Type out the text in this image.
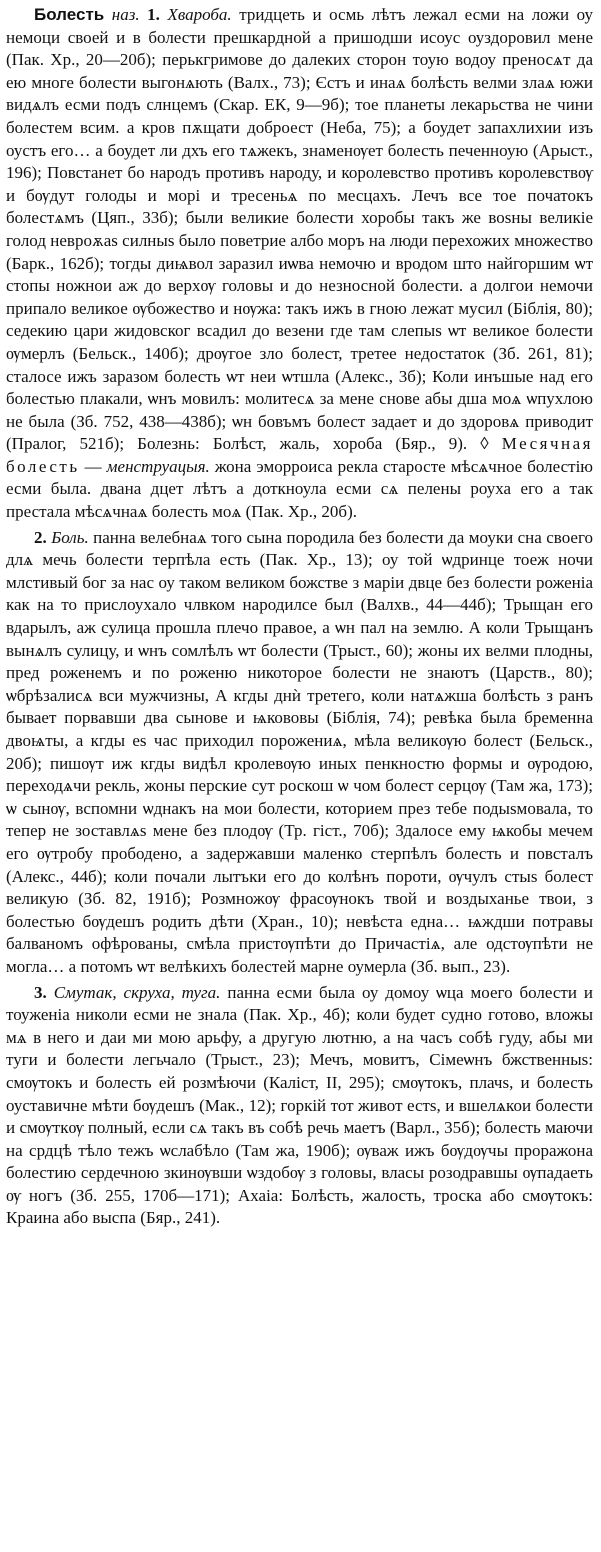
Болесть наз. 1. Хвароба. тридцеть и осмь лѣтъ лежал есми на ложи оу немоци своей и в болести прешкардной а пришодши исоус оуздоровил мене (Пак. Хр., 20—20б); перькгримове до далеких сторон тоую водоу преносѧт да ею многе болести выгонѧють (Валх., 73); Єстъ и инаѧ болѣсть велми злаѧ южи видѧлъ есми подъ слнцемъ (Скар. ЕК, 9—9б); тое планеты лекарьства не чини болестем всим. а кров пѫщати доброест (Неба, 75); а боудет запахлихии изъ оустъ его… а боудет ли дхъ его тѧжекъ, знаменѹет болесть печенноую (Арыст., 196); Повстанет бо народъ противъ народу, и королевство противъ королевствѹ и бѹдут голоды и морі и тресеньѧ по месцахъ. Лечъ все тое початокъ болестѧмъ (Цяп., 33б); были великие болести хоробы такъ же воѕны великіе голод невроѫаѕ силныѕ было поветрие албо моръ на люди перехожих множество (Барк., 162б); тогды диѩвол заразил иѡва немочю и вродом што найгоршим ѡт стопы ножнои аж до верхѹ головы и до незносной болести. а долгои немочи припало великое ѹбожество и нѹжа: такъ ижъ в гною лежат мусил (Біблія, 80); седекию цари жидовског всадил до везени где там слепыѕ ѡт великое болести ѹмерлъ (Бельск., 140б); дрѹгое зло болест, третее недостаток (Зб. 261, 81); сталосе ижъ заразом болесть ѡт неи ѡтшла (Алекс., 3б); Коли инъшые над его болестью плакали, ѡнъ мовилъ: молитесѧ за мене снове абы дша моѧ ѡпухлою не была (Зб. 752, 438—438б); ѡн бовъмъ болест задает и до здоровѧ приводит (Пралог, 521б); Болезнь: Болѣст, жаль, хороба (Бяр., 9). ◊ Месячная болесть — менструацыя. жона эморроиса рекла старосте мѣсѧчное болестію есми была. двана дцет лѣтъ а доткноула есми сѧ пелены роуха его а так престала мѣсѧчнаѧ болесть моѧ (Пак. Хр., 20б).

2. Боль. панна велебнаѧ того сына породила без болести да моуки сна своего длѧ мечь болести терпѣла есть (Пак. Хр., 13); оу той ѡдринце тоеж ночи млстивый бог за нас оу таком великом божстве з маріи двце без болести роженіа как на то прислоухало члвком народилсе был (Валхв., 44—44б); Трыщан его вдарылъ, аж сулица прошла плечо правое, а ѡн пал на землю. А коли Трыщанъ вынѧлъ сулицу, и ѡнъ сомлѣлъ ѡт болести (Трыст., 60); жоны их велми плодны, пред роженемъ и по роженю никоторое болести не знаютъ (Царств., 80); ѡбрѣзалисѧ вси мужчизны, А кгды днѝ третего, коли натѧжша болѣсть з ранъ бывает порвавши два сынове и ѩкововы (Біблія, 74); ревѣка была бременна двоѩты, а кгды еѕ час приходил порожениѧ, мѣла великѹю болест (Бельск., 20б); пишѹт иж кгды видѣл кролевѹю иных пенкностю формы и ѹродою, переходѧчи рекль, жоны перские сут роскош ѡ чом болест серцѹ (Там жа, 173); ѡ сынѹ, вспомни ѡднакъ на мои болести, которием през тебе подыѕмовала, то тепер не зоставлѧѕ мене без плодѹ (Тр. гіст., 70б); Здалосе ему ѩкобы мечем его ѹтробу прободено, а задержавши маленко стерпѣлъ болесть и повсталъ (Алекс., 44б); коли почали лытъки его до колѣнъ пороти, ѹчулъ стыѕ болест великую (Зб. 82, 191б); Розмножѹ фрасѹнокъ твой и воздыханье твои, з болестью бѹдешъ родить дѣти (Хран., 10); невѣста една… ѩждши потравы балваномъ офѣрованы, смѣла пристѹпѣти до Причастіѧ, але одстѹпѣти не могла… а потомъ ѡт велѣкихъ болестей марне оумерла (Зб. вып., 23).

3. Смутак, скруха, туга. панна есми была оу домоу ѡца моего болести и тоуженіа николи есми не знала (Пак. Хр., 4б); коли будет судно готово, вложы мѧ в него и даи ми мою арьфу, а другую лютню, а на часъ собѣ гуду, абы ми туги и болести легьчало (Трыст., 23); Мечъ, мовитъ, Сімеѡнъ бжственныѕ: смѹтокъ и болесть ей розмѣючи (Каліст, II, 295); смѹтокъ, плачѕ, и болесть оуставичне мѣти бѹдешъ (Мак., 12); горкій тот живот естѕ, и вшелѧкои болести и смѹткѹ полный, если сѧ такъ въ собѣ речь маетъ (Варл., 35б); болесть маючи на срдцѣ тѣло тежъ ѡслабѣло (Там жа, 190б); ѹваж ижъ бѹдѹчы проражона болестию сердечною зкинѹвши ѡздобѹ з головы, власы розодравшы ѹпадаеть ѹ ногъ (Зб. 255, 170б—171); Ахаіа: Болѣсть, жалость, троска або смѹтокъ: Краина або выспа (Бяр., 241).
